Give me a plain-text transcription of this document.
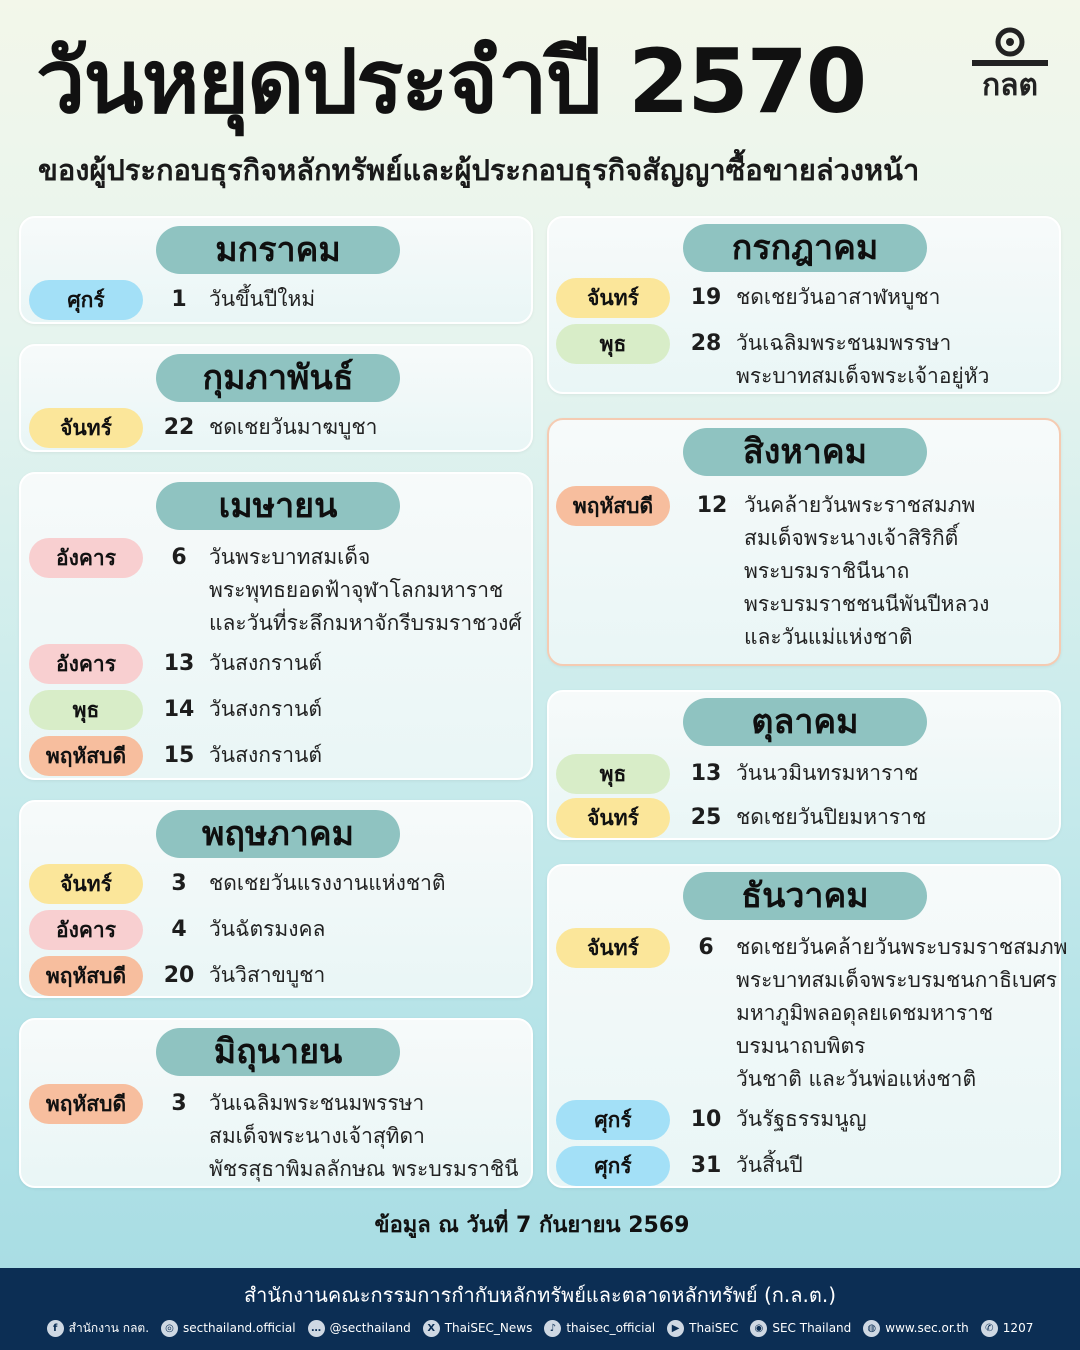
วันหยุดประจำปี 2570
ของผู้ประกอบธุรกิจหลักทรัพย์และผู้ประกอบธุรกิจสัญญาซื้อขายล่วงหน้า
กลต
มกราคม
ศุกร์	1	วันขึ้นปีใหม่
กุมภาพันธ์
จันทร์	22 ชดเชยวันมาฆบูชา
เมษายน
อังคาร	6	วันพระบาทสมเด็จ
พระพุทธยอดฟ้าจุฬาโลกมหาราช
และวันที่ระลึกมหาจักรีบรมราชวงศ์
อังคาร	13 วันสงกรานต์
พุธ	14 วันสงกรานต์
พฤหัสบดี	15 วันสงกรานต์
พฤษภาคม
จันทร์	3	ชดเชยวันแรงงานแห่งชาติ
อังคาร	4	วันฉัตรมงคล
พฤหัสบดี	20 วันวิสาขบูชา
มิถุนายน
พฤหัสบดี	3	วันเฉลิมพระชนมพรรษา
สมเด็จพระนางเจ้าสุทิดา
พัชรสุธาพิมลลักษณ พระบรมราชินี
กรกฎาคม
จันทร์	19 ชดเชยวันอาสาฬหบูชา
พุธ	28 วันเฉลิมพระชนมพรรษา
พระบาทสมเด็จพระเจ้าอยู่หัว
สิงหาคม
พฤหัสบดี	12 วันคล้ายวันพระราชสมภพ
สมเด็จพระนางเจ้าสิริกิติ์
พระบรมราชินีนาถ
พระบรมราชชนนีพันปีหลวง
และวันแม่แห่งชาติ
ตุลาคม
พุธ	13 วันนวมินทรมหาราช
จันทร์	25 ชดเชยวันปิยมหาราช
ธันวาคม
จันทร์	6	ชดเชยวันคล้ายวันพระบรมราชสมภพ
พระบาทสมเด็จพระบรมชนกาธิเบศร
มหาภูมิพลอดุลยเดชมหาราช
บรมนาถบพิตร
วันชาติ และวันพ่อแห่งชาติ
ศุกร์	10 วันรัฐธรรมนูญ
ศุกร์	31 วันสิ้นปี
ข้อมูล ณ วันที่ 7 กันยายน 2569
สำนักงานคณะกรรมการกำกับหลักทรัพย์และตลาดหลักทรัพย์ (ก.ล.ต.)
f สำนักงาน กลต.	◎ secthailand.official	… @secthailand	X ThaiSEC_News	♪ thaisec_official	▶ ThaiSEC	◉ SEC Thailand	◍ www.sec.or.th	✆ 1207
